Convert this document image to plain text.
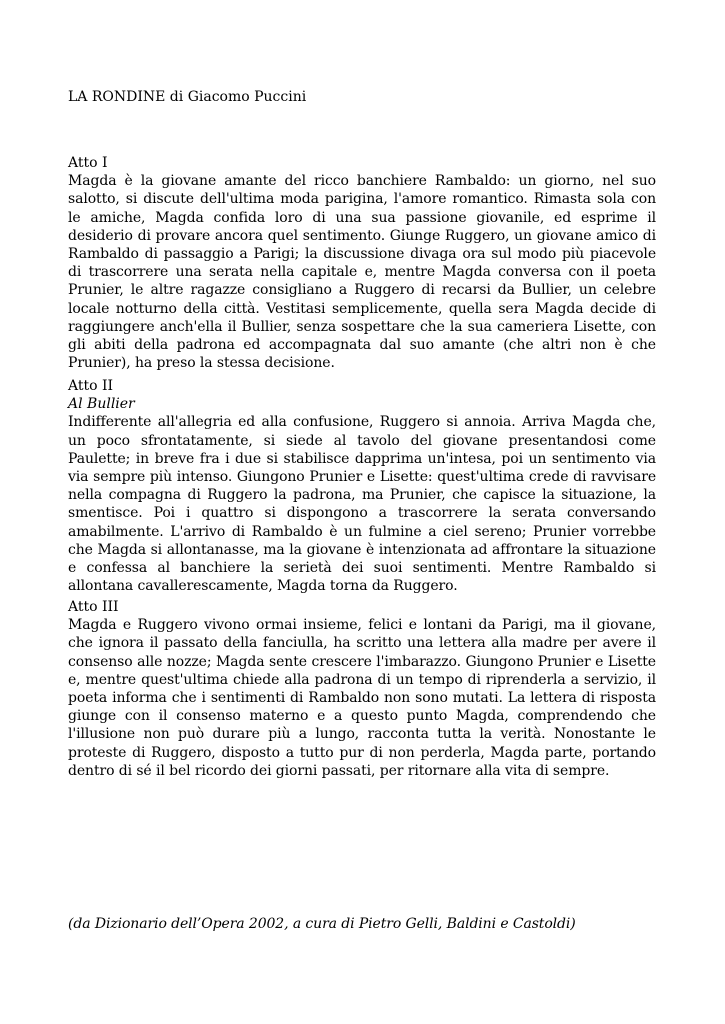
LA RONDINE di Giacomo Puccini
Atto I
Magda è la giovane amante del ricco banchiere Rambaldo: un giorno, nel suo salotto, si discute dell'ultima moda parigina, l'amore romantico. Rimasta sola con le amiche, Magda confida loro di una sua passione giovanile, ed esprime il desiderio di provare ancora quel sentimento. Giunge Ruggero, un giovane amico di Rambaldo di passaggio a Parigi; la discussione divaga ora sul modo più piacevole di trascorrere una serata nella capitale e, mentre Magda conversa con il poeta Prunier, le altre ragazze consigliano a Ruggero di recarsi da Bullier, un celebre locale notturno della città. Vestitasi semplicemente, quella sera Magda decide di raggiungere anch'ella il Bullier, senza sospettare che la sua cameriera Lisette, con gli abiti della padrona ed accompagnata dal suo amante (che altri non è che Prunier), ha preso la stessa decisione.
Atto II
Al Bullier
Indifferente all'allegria ed alla confusione, Ruggero si annoia. Arriva Magda che, un poco sfrontatamente, si siede al tavolo del giovane presentandosi come Paulette; in breve fra i due si stabilisce dapprima un'intesa, poi un sentimento via via sempre più intenso. Giungono Prunier e Lisette: quest'ultima crede di ravvisare nella compagna di Ruggero la padrona, ma Prunier, che capisce la situazione, la smentisce. Poi i quattro si dispongono a trascorrere la serata conversando amabilmente. L'arrivo di Rambaldo è un fulmine a ciel sereno; Prunier vorrebbe che Magda si allontanasse, ma la giovane è intenzionata ad affrontare la situazione e confessa al banchiere la serietà dei suoi sentimenti. Mentre Rambaldo si allontana cavallerescamente, Magda torna da Ruggero.
Atto III
Magda e Ruggero vivono ormai insieme, felici e lontani da Parigi, ma il giovane, che ignora il passato della fanciulla, ha scritto una lettera alla madre per avere il consenso alle nozze; Magda sente crescere l'imbarazzo. Giungono Prunier e Lisette e, mentre quest'ultima chiede alla padrona di un tempo di riprenderla a servizio, il poeta informa che i sentimenti di Rambaldo non sono mutati. La lettera di risposta giunge con il consenso materno e a questo punto Magda, comprendendo che l'illusione non può durare più a lungo, racconta tutta la verità. Nonostante le proteste di Ruggero, disposto a tutto pur di non perderla, Magda parte, portando dentro di sé il bel ricordo dei giorni passati, per ritornare alla vita di sempre.
(da Dizionario dell’Opera 2002, a cura di Pietro Gelli, Baldini e Castoldi)
